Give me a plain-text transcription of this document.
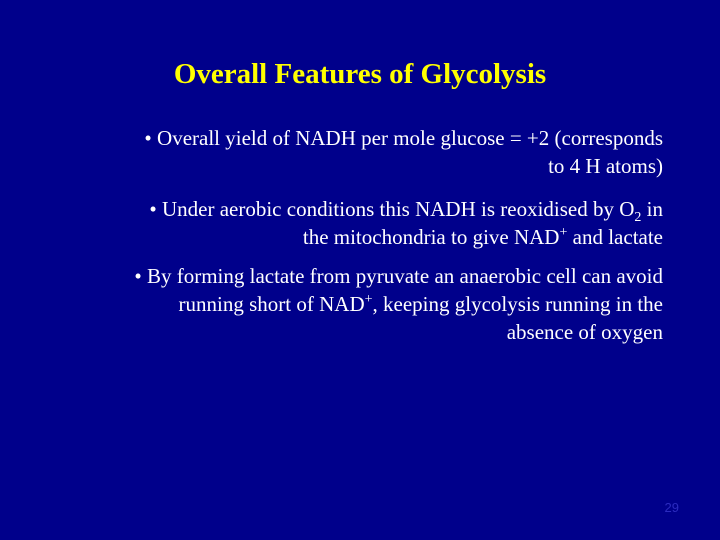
Overall Features of Glycolysis
• Overall yield of NADH per mole glucose = +2 (corresponds
to 4 H atoms)
• Under aerobic conditions this NADH is reoxidised by $O_2$ in
the mitochondria to give NAD+ and lactate
• By forming lactate from pyruvate an anaerobic cell can avoid
running short of NAD+, keeping glycolysis running in the
absence of oxygen
29
